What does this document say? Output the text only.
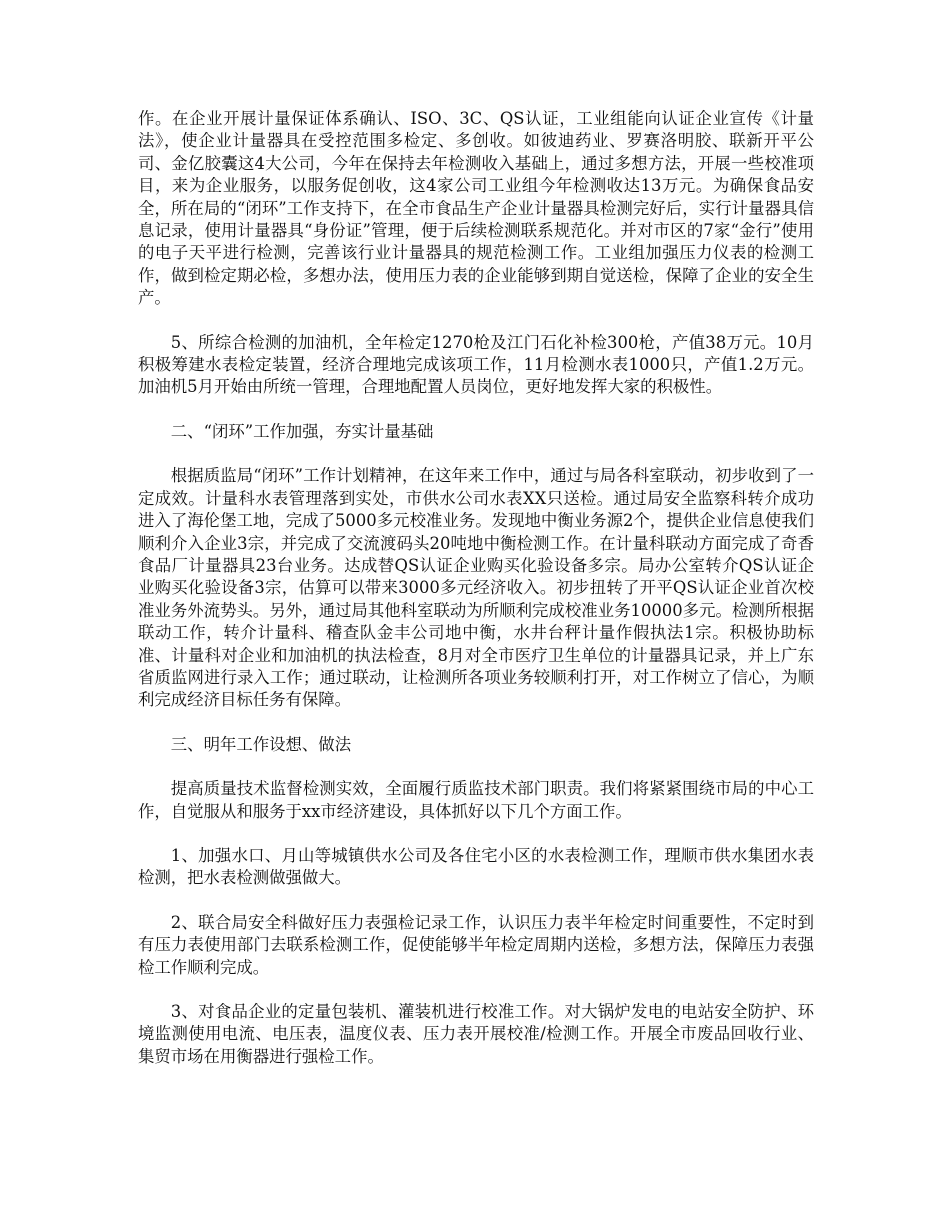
作。在企业开展计量保证体系确认、ISO、3C、QS认证，工业组能向认证企业宣传《计量法》，使企业计量器具在受控范围多检定、多创收。如彼迪药业、罗赛洛明胶、联新开平公司、金亿胶囊这4大公司，今年在保持去年检测收入基础上，通过多想方法，开展一些校准项目，来为企业服务，以服务促创收，这4家公司工业组今年检测收达13万元。为确保食品安全，所在局的“闭环”工作支持下，在全市食品生产企业计量器具检测完好后，实行计量器具信息记录，使用计量器具“身份证”管理，便于后续检测联系规范化。并对市区的7家“金行”使用的电子天平进行检测，完善该行业计量器具的规范检测工作。工业组加强压力仪表的检测工作，做到检定期必检，多想办法，使用压力表的企业能够到期自觉送检，保障了企业的安全生产。

5、所综合检测的加油机，全年检定1270枪及江门石化补检300枪，产值38万元。10月积极筹建水表检定装置，经济合理地完成该项工作，11月检测水表1000只，产值1.2万元。加油机5月开始由所统一管理，合理地配置人员岗位，更好地发挥大家的积极性。

二、“闭环”工作加强，夯实计量基础

根据质监局“闭环”工作计划精神，在这年来工作中，通过与局各科室联动，初步收到了一定成效。计量科水表管理落到实处，市供水公司水表XX只送检。通过局安全监察科转介成功进入了海伦堡工地，完成了5000多元校准业务。发现地中衡业务源2个，提供企业信息使我们顺利介入企业3宗，并完成了交流渡码头20吨地中衡检测工作。在计量科联动方面完成了奇香食品厂计量器具23台业务。达成替QS认证企业购买化验设备多宗。局办公室转介QS认证企业购买化验设备3宗，估算可以带来3000多元经济收入。初步扭转了开平QS认证企业首次校准业务外流势头。另外，通过局其他科室联动为所顺利完成校准业务10000多元。检测所根据联动工作，转介计量科、稽查队金丰公司地中衡，水井台秤计量作假执法1宗。积极协助标准、计量科对企业和加油机的执法检查，8月对全市医疗卫生单位的计量器具记录，并上广东省质监网进行录入工作；通过联动，让检测所各项业务较顺利打开，对工作树立了信心，为顺利完成经济目标任务有保障。

三、明年工作设想、做法

提高质量技术监督检测实效，全面履行质监技术部门职责。我们将紧紧围绕市局的中心工作，自觉服从和服务于xx市经济建设，具体抓好以下几个方面工作。

1、加强水口、月山等城镇供水公司及各住宅小区的水表检测工作，理顺市供水集团水表检测，把水表检测做强做大。

2、联合局安全科做好压力表强检记录工作，认识压力表半年检定时间重要性，不定时到有压力表使用部门去联系检测工作，促使能够半年检定周期内送检，多想方法，保障压力表强检工作顺利完成。

3、对食品企业的定量包装机、灌装机进行校准工作。对大锅炉发电的电站安全防护、环境监测使用电流、电压表，温度仪表、压力表开展校准/检测工作。开展全市废品回收行业、集贸市场在用衡器进行强检工作。
